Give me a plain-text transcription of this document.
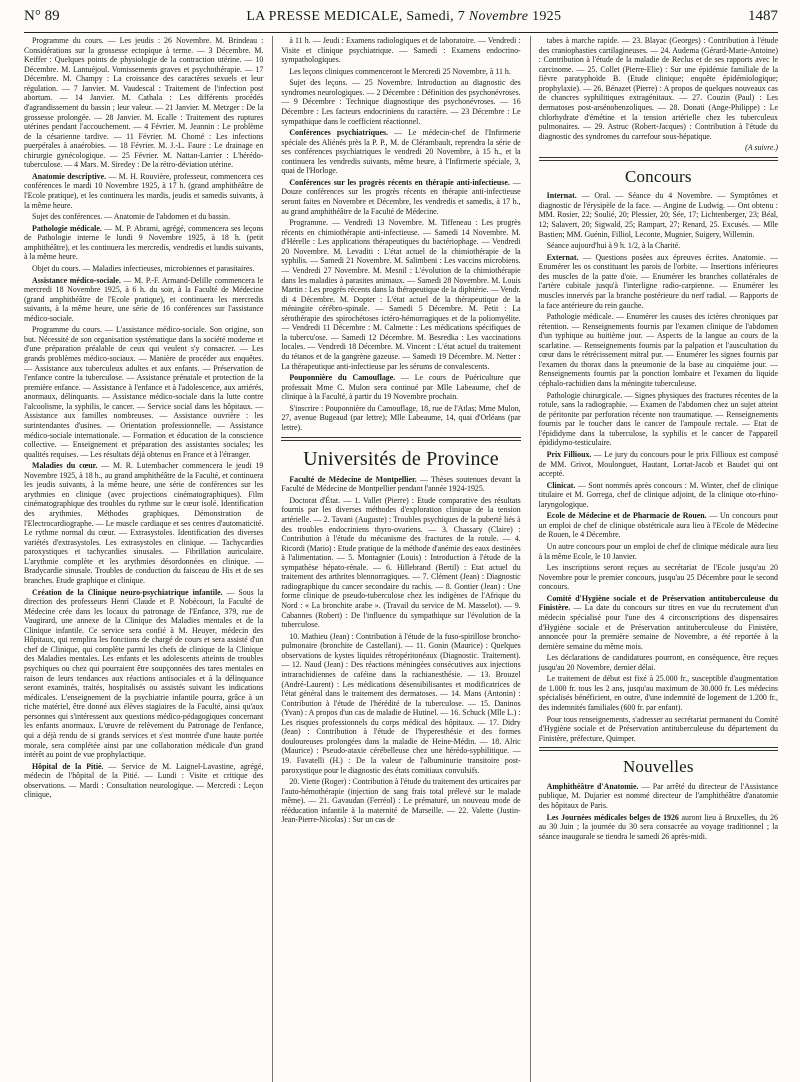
N° 89	LA PRESSE MEDICALE, Samedi, 7 Novembre 1925	1487

Programme du cours. — Les jeudis : 26 Novembre. M. Brindeau : Considérations sur la grossesse ectopique à terme. — 3 Décembre. M. Keiffer : Quelques points de physiologie de la contraction utérine. — 10 Décembre. M. Lantuéjoul. Vomissements graves et psychothérapie. — 17 Décembre. M. Champy : La croissance des caractères sexuels et leur régulation. — 7 Janvier. M. Vaudescal : Traitement de l'infection post abortum. — 14 Janvier. M. Cathala : Les différents procédés d'agrandissement du bassin ; leur valeur. — 21 Janvier. M. Metzger : De la grossesse prolongée. — 28 Janvier. M. Ecalle : Traitement des ruptures utérines pendant l'accouchement. — 4 Février. M. Jeannin : Le problème de la césarienne tardive. — 11 Février. M. Chomé : Les infections puerpérales à anaérobies. — 18 Février. M. J.-L. Faure : Le drainage en chirurgie gynécologique. — 25 Février. M. Nattan-Larrier : L'hérédo-tuberculose. — 4 Mars. M. Siredey : De la rétro-déviation utérine.

Anatomie descriptive. — M. H. Rouvière, professeur, commencera ces conférences le mardi 10 Novembre 1925, à 17 h. (grand amphithéâtre de l'Ecole pratique), et les continuera les mardis, jeudis et samedis suivants, à la même heure.

Sujet des conférences. — Anatomie de l'abdomen et du bassin.

Pathologie médicale. — M. P. Abrami, agrégé, commencera ses leçons de Pathologie interne le lundi 9 Novembre 1925, à 18 h. (petit amphithéâtre), et les continuera les mercredis, vendredis et lundis suivants, à la même heure.

Objet du cours. — Maladies infectieuses, microbiennes et parasitaires.

Assistance médico-sociale. — M. P.-F. Armand-Delille commencera le mercredi 18 Novembre 1925, à 6 h. du soir, à la Faculté de Médecine (grand amphithéâtre de l'Ecole pratique), et continuera les mercredis suivants, à la même heure, une série de 16 conférences sur l'assistance médico-sociale.

Programme du cours. — L'assistance médico-sociale. Son origine, son but. Nécessité de son organisation systématique dans la société moderne et d'une préparation préalable de ceux qui veulent s'y consacrer. — Les grands problèmes médico-sociaux. — Manière de procéder aux enquêtes. — Assistance aux tuberculeux adultes et aux enfants. — Préservation de l'enfance contre la tuberculose. — Assistance prénatale et protection de la première enfance. — Assistance à l'enfance et à l'adolescence, aux arriérés, anormaux, délinquants. — Assistance médico-sociale dans la lutte contre l'alcoolisme, la syphilis, le cancer. — Service social dans les hôpitaux. — Assistance aux familles nombreuses. — Assistance ouvrière : les surintendantes d'usines. — Orientation professionnelle. — Assistance médico-sociale internationale. — Formation et éducation de la conscience collective. — Enseignement et préparation des assistantes sociales; les qualités requises. — Les résultats déjà obtenus en France et à l'étranger.

Maladies du cœur. — M. R. Lutembacher commencera le jeudi 19 Novembre 1925, à 18 h., au grand amphithéâtre de la Faculté, et continuera les jeudis suivants, à la même heure, une série de conférences sur les arythmies en clinique (avec projections cinématographiques). Film cinématographique des troubles du rythme sur le cœur isolé. Identification des arythmies. Méthodes graphiques. Démonstration de l'Electrocardiographe. — Le muscle cardiaque et ses centres d'automaticité. Le rythme normal du cœur. — Extrasystoles. Identification des diverses variétés d'extrasystoles. Les extrasystoles en clinique. — Tachycardies paroxystiques et tachycardies sinusales. — Fibrillation auriculaire. L'arythmie complète et les arythmies désordonnées en clinique. — Bradycardie sinusale. Troubles de conduction du faisceau de His et de ses branches. Etude graphique et clinique.

Création de la Clinique neuro-psychiatrique infantile. — Sous la direction des professeurs Henri Claude et P. Nobécourt, la Faculté de Médecine crée dans les locaux du patronage de l'Enfance, 379, rue de Vaugirard, une annexe de la Clinique des Maladies mentales et de la Clinique infantile. Ce service sera confié à M. Heuyer, médecin des Hôpitaux, qui remplira les fonctions de chargé de cours et sera assisté d'un chef de Clinique, qui complète parmi les chefs de clinique de la Clinique des Maladies mentales. Les enfants et les adolescents atteints de troubles psychiques ou chez qui pourraient être soupçonnées des tares mentales en raison de leurs tendances aux réactions antisociales et à la délinquance seront examinés, traités, hospitalisés ou assistés suivant les indications médicales. L'enseignement de la psychiatrie infantile pourra, grâce à un riche matériel, être donné aux élèves stagiaires de la Faculté, ainsi qu'aux personnes qui s'intéressent aux questions médico-pédagogiques concernant les enfants anormaux. L'œuvre de relèvement du Patronage de l'enfance, qui a déjà rendu de si grands services et s'est montrée d'une haute portée morale, sera complétée ainsi par une collaboration médicale d'un grand intérêt au point de vue prophylactique.

Hôpital de la Pitié. — Service de M. Laignel-Lavastine, agrégé, médecin de l'hôpital de la Pitié. — Lundi : Visite et critique des observations. — Mardi : Consultation neurologique. — Mercredi : Leçon clinique,

à 11 h. — Jeudi : Examens radiologiques et de laboratoire. — Vendredi : Visite et clinique psychiatrique. — Samedi : Examens endocrino-sympathologiques.

Les leçons cliniques commenceront le Mercredi 25 Novembre, à 11 h.

Sujet des leçons. — 25 Novembre. Introduction au diagnostic des syndromes neurologiques. — 2 Décembre : Définition des psychonévroses. — 9 Décembre : Technique diagnostique des psychonévroses. — 16 Décembre : Les facteurs endocriniens du caractère. — 23 Décembre : Le sympathique dans le coefficient réactionnel.

Conférences psychiatriques. — Le médecin-chef de l'Infirmerie spéciale des Aliénés près la P. P., M. de Clérambault, reprendra la série de ses conférences psychiatriques le vendredi 20 Novembre, à 15 h., et la continuera les vendredis suivants, même heure, à l'Infirmerie spéciale, 3, quai de l'Horloge.

Conférences sur les progrès récents en thérapie anti-infectieuse. — Douze conférences sur les progrès récents en thérapie anti-infectieuse seront faites en Novembre et Décembre, les vendredis et samedis, à 17 h., au grand amphithéâtre de la Faculté de Médecine.

Programme. — Vendredi 13 Novembre. M. Tiffeneau : Les progrès récents en chimiothérapie anti-infectieuse. — Samedi 14 Novembre. M. d'Hérelle : Les applications thérapeutiques du bactériophage. — Vendredi 20 Novembre. M. Levaditi : L'état actuel de la chimiothérapie de la syphilis. — Samedi 21 Novembre. M. Salimbeni : Les vaccins microbiens. — Vendredi 27 Novembre. M. Mesnil : L'évolution de la chimiothérapie dans les maladies à parasites animaux. — Samedi 28 Novembre. M. Louis Martin : Les progrès récents dans la thérapeutique de la diphtérie. — Vendr. di 4 Décembre. M. Dopter : L'état actuel de la thérapeutique de la méningite cérébro-spinale. — Samedi 5 Décembre. M. Petit : La sérothérapie des spirochétoses ictéro-hémorragiques et de la poliomyélite. — Vendredi 11 Décembre : M. Calmette : Les médications spécifiques de la tubercu'ose. — Samedi 12 Décembre. M. Besredka : Les vaccinations locales. — Vendredi 18 Décembre. M. Vincent : L'état actuel du traitement du tétanos et de la gangrène gazeuse. — Samedi 19 Décembre. M. Netter : La thérapeutique anti-infectieuse par les sérums de convalescents.

Pouponnière du Camouflage. — Le cours de Puériculture que professait Mme C. Mulon sera continué par Mlle Labeaume, chef de clinique à la Faculté, à partir du 19 Novembre prochain.

S'inscrire : Pouponnière du Camouflage, 18, rue de l'Atlas; Mme Mulon, 27, avenue Bugeaud (par lettre); Mlle Labeaume, 14, quai d'Orléans (par lettre).

Universités de Province

Faculté de Médecine de Montpellier. — Thèses soutenues devant la Faculté de Médecine de Montpellier pendant l'année 1924-1925.

Doctorat d'État. — 1. Vallet (Pierre) : Etude comparative des résultats fournis par les diverses méthodes d'exploration clinique de la tension artérielle. — 2. Tavani (Auguste) : Troubles psychiques de la puberté liés à des troubles endocriniens thyro-ovariens. — 3. Chassary (Claire) : Contribution à l'étude du mécanisme des fractures de la rotule. — 4. Ricordi (Mario) : Etude pratique de la méthode d'anémie des eaux destinées à l'alimentation. — 5. Montagnier (Louis) : Introduction à l'étude de la sympathèse hépato-rénale. — 6. Hillebrand (Bertil) : Etat actuel du traitement des arthrites blennorragiques. — 7. Clément (Jean) : Diagnostic radiographique du cancer secondaire du rachis. — 8. Gontier (Jean) : Une forme clinique de pseudo-tuberculose chez les indigènes de l'Afrique du Nord : « La bronchite arabe ». (Travail du service de M. Masselot). — 9. Cabannes (Robert) : De l'influence du sympathique sur l'évolution de la tuberculose.

10. Mathieu (Jean) : Contribution à l'étude de la fuso-spirillose broncho-pulmonaire (bronchite de Castellani). — 11. Gonin (Maurice) : Quelques observations de kystes liquides rétropéritonéaux (Diagnostic. Traitement). — 12. Naud (Jean) : Des réactions méningées consécutives aux injections intrarachidiennes de caféine dans la rachianesthésie. — 13. Brouzel (André-Laurent) : Les médications désensibilisantes et modificatrices de l'état général dans le traitement des dermatoses. — 14. Mans (Antonin) : Contribution à l'étude de l'hérédité de la tuberculose. — 15. Daninos (Yvan) : A propos d'un cas de maladie de Hutinel. — 16. Schuck (Mlle L.) : Les risques professionnels du corps médical des hôpitaux. — 17. Didry (Jean) : Contribution à l'étude de l'hyperesthésie et des formes douloureuses prolongées dans la maladie de Heine-Médin. — 18. Alric (Maurice) : Pseudo-ataxie cérébelleuse chez une hérédo-syphilitique. — 19. Favatelli (H.) : De la valeur de l'albuminurie transitoire post-paroxystique pour le diagnostic des états comitiaux convulsifs.

20. Viette (Roger) : Contribution à l'étude du traitement des urticaires par l'auto-hémothérapie (injection de sang frais total prélevé sur le malade même). — 21. Gavaudan (Ferréol) : Le prématuré, un nouveau mode de rééducation infantile à la maternité de Marseille. — 22. Valette (Justin-Jean-Pierre-Nicolas) : Sur un cas de

tabes à marche rapide. — 23. Blayac (Georges) : Contribution à l'étude des craniophasties cartilagineuses. — 24. Audema (Gérard-Marie-Antoine) : Contribution à l'étude de la maladie de Reclus et de ses rapports avec le carcinome. — 25. Collet (Pierre-Elie) : Sur une épidémie familiale de la fièvre paratyphoïde B. (Etude clinique; enquête épidémiologique; prophylaxie). — 26. Bénazet (Pierre) : A propos de quelques nouveaux cas de chancres syphilitiques extragénitaux. — 27. Couzin (Paul) : Les dermatoses post-arsénobenzoliques. — 28. Donati (Ange-Philippe) : Le chlorhydrate d'émétine et la tension artérielle chez les tuberculeux pulmonaires. — 29. Astruc (Robert-Jacques) : Contribution à l'étude du diagnostic des syndromes du carrefour sous-hépatique.

(A suivre.)
Concours

Internat. — Oral. — Séance du 4 Novembre. — Symptômes et diagnostic de l'érysipèle de la face. — Angine de Ludwig. — Ont obtenu : MM. Rosier, 22; Soulié, 20; Plessier, 20; Sée, 17; Lichtenberger, 23; Béal, 12; Salavert, 20; Sigwald, 25; Rampart, 27; Renard, 25. Excusés. — Mlle Bastien; MM. Guénin, Filliol, Leconte, Mugnier, Suigery, Willemin.

Séance aujourd'hui à 9 h. 1/2, à la Charité.

Externat. — Questions posées aux épreuves écrites. Anatomie. — Enumérer les os constituant les parois de l'orbite. — Insertions inférieures des muscles de la patte d'oie. — Enumérer les branches collatérales de l'artère cubitale jusqu'à l'interligne radio-carpienne. — Enumérer les muscles innervés par la branche postérieure du nerf radial. — Rapports de la face antérieure du rein gauche.

Pathologie médicale. — Enumérer les causes des ictères chroniques par rétention. — Renseignements fournis par l'examen clinique de l'abdomen d'un typhique au huitième jour. — Aspects de la langue au cours de la scarlatine. — Renseignements fournis par la palpation et l'auscultation du cœur dans le rétrécissement mitral pur. — Enumérer les signes fournis par l'examen du thorax dans la pneumonie de la base au cinquième jour. — Renseignements fournis par la ponction lombaire et l'examen du liquide céphalo-rachidien dans la méningite tuberculeuse.

Pathologie chirurgicale. — Signes physiques des fractures récentes de la rotule, sans la radiographie. — Examen de l'abdomen chez un sujet atteint de péritonite par perforation récente non traumatique. — Renseignements fournis par le toucher dans le cancer de l'ampoule rectale. — Etat de l'épididyme dans la tuberculose, la syphilis et le cancer de l'appareil épididymo-testiculaire.

Prix Fillioux. — Le jury du concours pour le prix Fillioux est composé de MM. Grivot, Moulonguet, Hautant, Lortat-Jacob et Baudet qui ont accepté.

Clinicat. — Sont nommés après concours : M. Winter, chef de clinique titulaire et M. Gorrega, chef de clinique adjoint, de la clinique oto-rhino-laryngologique.

Ecole de Médecine et de Pharmacie de Rouen. — Un concours pour un emploi de chef de clinique obstétricale aura lieu à l'Ecole de Médecine de Rouen, le 4 Décembre.

Un autre concours pour un emploi de chef de clinique médicale aura lieu à la même Ecole, le 10 Janvier.

Les inscriptions seront reçues au secrétariat de l'Ecole jusqu'au 20 Novembre pour le premier concours, jusqu'au 25 Décembre pour le second concours.

Comité d'Hygiène sociale et de Préservation antituberculeuse du Finistère. — La date du concours sur titres en vue du recrutement d'un médecin spécialisé pour l'une des 4 circonscriptions des dispensaires d'Hygiène sociale et de Préservation antituberculeuse du Finistère, annoncée pour la première semaine de Novembre, a été reportée à la dernière semaine du même mois.

Les déclarations de candidatures pourront, en conséquence, être reçues jusqu'au 20 Novembre, dernier délai.

Le traitement de début est fixé à 25.000 fr., susceptible d'augmentation de 1.000 fr. tous les 2 ans, jusqu'au maximum de 30.000 fr. Les médecins spécialisés bénéficient, en outre, d'une indemnité de logement de 1.200 fr., des indemnités familiales (600 fr. par enfant).

Pour tous renseignements, s'adresser au secrétariat permanent du Comité d'Hygiène sociale et de Préservation antituberculeuse du département du Finistère, préfecture, Quimper.

Nouvelles

Amphithéâtre d'Anatomie. — Par arrêté du directeur de l'Assistance publique, M. Dujarier est nommé directeur de l'amphithéâtre d'anatomie des hôpitaux de Paris.

Les Journées médicales belges de 1926 auront lieu à Bruxelles, du 26 au 30 Juin ; la journée du 30 sera consacrée au voyage traditionnel ; la séance inaugurale se tiendra le samedi 26 après-midi.
